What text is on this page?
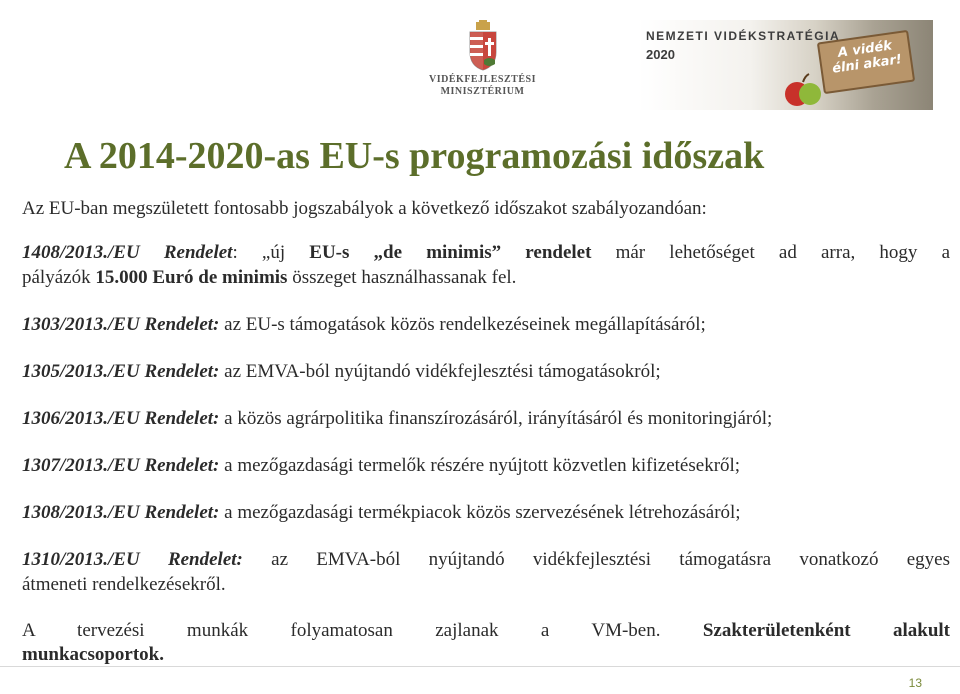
VIDÉKFEJLESZTÉSI
MINISZTÉRIUM
NEMZETI VIDÉKSTRATÉGIA
2020	A vidék
élni akar!
A 2014-2020-as EU-s programozási időszak

Az EU-ban megszületett fontosabb jogszabályok a következő időszakot szabályozandóan:

1408/2013./EU Rendelet: „új EU-s „de minimis” rendelet már lehetőséget ad arra, hogy a

pályázók 15.000 Euró de minimis összeget használhassanak fel.

1303/2013./EU Rendelet: az EU-s támogatások közös rendelkezéseinek megállapításáról;

1305/2013./EU Rendelet: az EMVA-ból nyújtandó vidékfejlesztési támogatásokról;

1306/2013./EU Rendelet: a közös agrárpolitika finanszírozásáról, irányításáról és monitoringjáról;

1307/2013./EU Rendelet: a mezőgazdasági termelők részére nyújtott közvetlen kifizetésekről;

1308/2013./EU Rendelet: a mezőgazdasági termékpiacok közös szervezésének létrehozásáról;

1310/2013./EU Rendelet: az EMVA-ból nyújtandó vidékfejlesztési támogatásra vonatkozó egyes

átmeneti rendelkezésekről.

A tervezési munkák folyamatosan zajlanak a VM-ben. Szakterületenként alakult

munkacsoportok.

13
